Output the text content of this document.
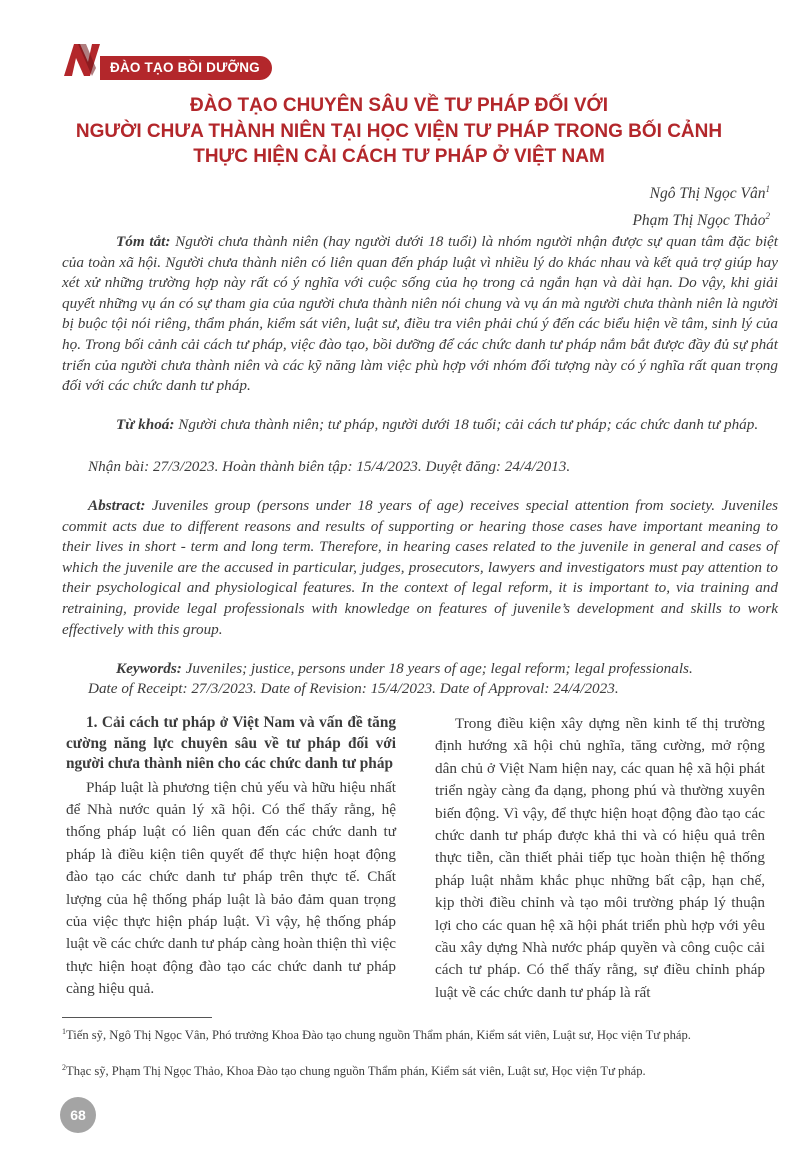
ĐÀO TẠO BỒI DƯỠNG
ĐÀO TẠO CHUYÊN SÂU VỀ TƯ PHÁP ĐỐI VỚI
NGƯỜI CHƯA THÀNH NIÊN TẠI HỌC VIỆN TƯ PHÁP TRONG BỐI CẢNH
THỰC HIỆN CẢI CÁCH TƯ PHÁP Ở VIỆT NAM
Ngô Thị Ngọc Vân$^1$
Phạm Thị Ngọc Thảo$^2$

Tóm tắt: Người chưa thành niên (hay người dưới 18 tuổi) là nhóm người nhận được sự quan tâm đặc biệt của toàn xã hội. Người chưa thành niên có liên quan đến pháp luật vì nhiều lý do khác nhau và kết quả trợ giúp hay xét xử những trường hợp này rất có ý nghĩa với cuộc sống của họ trong cả ngắn hạn và dài hạn. Do vậy, khi giải quyết những vụ án có sự tham gia của người chưa thành niên nói chung và vụ án mà người chưa thành niên là người bị buộc tội nói riêng, thẩm phán, kiểm sát viên, luật sư, điều tra viên phải chú ý đến các biểu hiện về tâm, sinh lý của họ. Trong bối cảnh cải cách tư pháp, việc đào tạo, bồi dưỡng để các chức danh tư pháp nắm bắt được đầy đủ sự phát triển của người chưa thành niên và các kỹ năng làm việc phù hợp với nhóm đối tượng này có ý nghĩa rất quan trọng đối với các chức danh tư pháp.

Từ khoá: Người chưa thành niên; tư pháp, người dưới 18 tuổi; cải cách tư pháp; các chức danh tư pháp.

Nhận bài: 27/3/2023. Hoàn thành biên tập: 15/4/2023. Duyệt đăng: 24/4/2013.

Abstract: Juveniles group (persons under 18 years of age) receives special attention from society. Juveniles commit acts due to different reasons and results of supporting or hearing those cases have important meaning to their lives in short - term and long term. Therefore, in hearing cases related to the juvenile in general and cases of which the juvenile are the accused in particular, judges, prosecutors, lawyers and investigators must pay attention to their psychological and physiological features. In the context of legal reform, it is important to, via training and retraining, provide legal professionals with knowledge on features of juvenile’s development and skills to work effectively with this group.

Keywords: Juveniles; justice, persons under 18 years of age; legal reform; legal professionals.

Date of Receipt: 27/3/2023. Date of Revision: 15/4/2023. Date of Approval: 24/4/2023.

1. Cải cách tư pháp ở Việt Nam và vấn đề tăng cường năng lực chuyên sâu về tư pháp đối với người chưa thành niên cho các chức danh tư pháp

Pháp luật là phương tiện chủ yếu và hữu hiệu nhất để Nhà nước quản lý xã hội. Có thể thấy rằng, hệ thống pháp luật có liên quan đến các chức danh tư pháp là điều kiện tiên quyết để thực hiện hoạt động đào tạo các chức danh tư pháp trên thực tế. Chất lượng của hệ thống pháp luật là bảo đảm quan trọng của việc thực hiện pháp luật. Vì vậy, hệ thống pháp luật về các chức danh tư pháp càng hoàn thiện thì việc thực hiện hoạt động đào tạo các chức danh tư pháp càng hiệu quả.

Trong điều kiện xây dựng nền kinh tế thị trường định hướng xã hội chủ nghĩa, tăng cường, mở rộng dân chủ ở Việt Nam hiện nay, các quan hệ xã hội phát triển ngày càng đa dạng, phong phú và thường xuyên biến động. Vì vậy, để thực hiện hoạt động đào tạo các chức danh tư pháp được khả thi và có hiệu quả trên thực tiễn, cần thiết phải tiếp tục hoàn thiện hệ thống pháp luật nhằm khắc phục những bất cập, hạn chế, kịp thời điều chỉnh và tạo môi trường pháp lý thuận lợi cho các quan hệ xã hội phát triển phù hợp với yêu cầu xây dựng Nhà nước pháp quyền và công cuộc cải cách tư pháp. Có thể thấy rằng, sự điều chỉnh pháp luật về các chức danh tư pháp là rất

$^1$Tiến sỹ, Ngô Thị Ngọc Vân, Phó trưởng Khoa Đào tạo chung nguồn Thẩm phán, Kiểm sát viên, Luật sư, Học viện Tư pháp.

$^2$Thạc sỹ, Phạm Thị Ngọc Thảo, Khoa Đào tạo chung nguồn Thẩm phán, Kiểm sát viên, Luật sư, Học viện Tư pháp.

68
